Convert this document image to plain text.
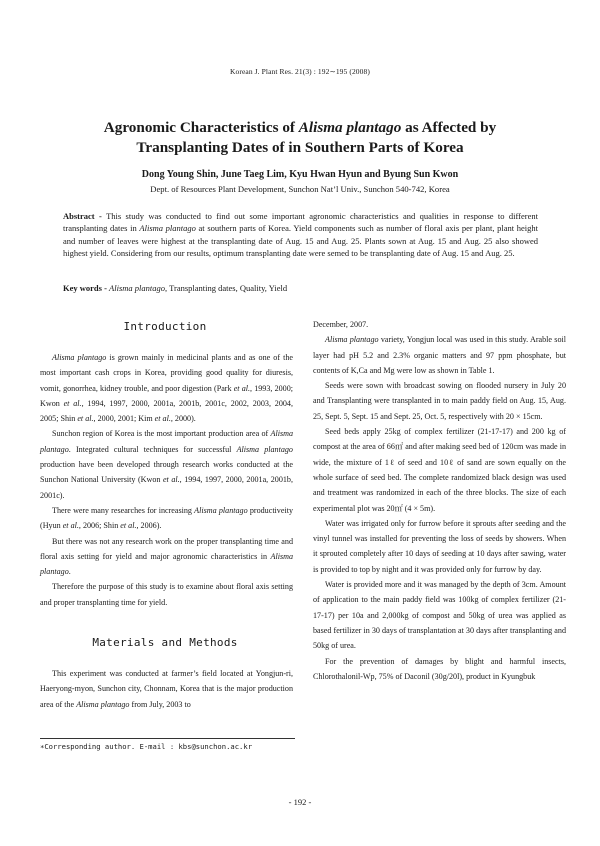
Korean J. Plant Res. 21(3) : 192∼195 (2008)
Agronomic Characteristics of Alisma plantago as Affected by
Transplanting Dates of in Southern Parts of Korea
Dong Young Shin, June Taeg Lim, Kyu Hwan Hyun and Byung Sun Kwon
Dept. of Resources Plant Development, Sunchon Nat’l Univ., Sunchon 540-742, Korea
Abstract - This study was conducted to find out some important agronomic characteristics and qualities in response to different transplanting dates in Alisma plantago at southern parts of Korea. Yield components such as number of floral axis per plant, plant height and number of leaves were highest at the transplanting date of Aug. 15 and Aug. 25. Plants sown at Aug. 15 and Aug. 25 also showed highest yield. Considering from our results, optimum transplanting date were semed to be transplanting date of Aug. 15 and Aug. 25.
Key words - Alisma plantago, Transplanting dates, Quality, Yield
Introduction

Alisma plantago is grown mainly in medicinal plants and as one of the most important cash crops in Korea, providing good quality for diuresis, vomit, gonorrhea, kidney trouble, and poor digestion (Park et al., 1993, 2000; Kwon et al., 1994, 1997, 2000, 2001a, 2001b, 2001c, 2002, 2003, 2004, 2005; Shin et al., 2000, 2001; Kim et al., 2000).

Sunchon region of Korea is the most important production area of Alisma plantago. Integrated cultural techniques for successful Alisma plantago production have been developed through research works conducted at the Sunchon National University (Kwon et al., 1994, 1997, 2000, 2001a, 2001b, 2001c).

There were many researches for increasing Alisma plantago productiveity (Hyun et al., 2006; Shin et al., 2006).

But there was not any research work on the proper transplanting time and floral axis setting for yield and major agronomic characteristics in Alisma plantago.

Therefore the purpose of this study is to examine about floral axis setting and proper transplanting time for yield.

Materials and Methods

This experiment was conducted at farmer’s field located at Yongjun-ri, Haeryong-myon, Sunchon city, Chonnam, Korea that is the major production area of the Alisma plantago from July, 2003 to

December, 2007.

Alisma plantago variety, Yongjun local was used in this study. Arable soil layer had pH 5.2 and 2.3% organic matters and 97 ppm phosphate, but contents of K,Ca and Mg were low as shown in Table 1.

Seeds were sown with broadcast sowing on flooded nursery in July 20 and Transplanting were transplanted in to main paddy field on Aug. 15, Aug. 25, Sept. 5, Sept. 15 and Sept. 25, Oct. 5, respectively with 20 × 15cm.

Seed beds apply 25kg of complex fertilizer (21-17-17) and 200 kg of compost at the area of 66㎡ and after making seed bed of 120cm was made in wide, the mixture of 1ℓ of seed and 10ℓ of sand are sown equally on the whole surface of seed bed. The complete randomized black design was used and treatment was randomized in each of the three blocks. The size of each experimental plot was 20㎡ (4 × 5m).

Water was irrigated only for furrow before it sprouts after seeding and the vinyl tunnel was installed for preventing the loss of seeds by showers. When it sprouted completely after 10 days of seeding at 10 days after sawing, water is provided to top by night and it was provided only for furrow by day.

Water is provided more and it was managed by the depth of 3cm. Amount of application to the main paddy field was 100kg of complex fertilizer (21-17-17) per 10a and 2,000kg of compost and 50kg of urea was applied as based fertilizer in 30 days of transplantation at 30 days after transplanting and 50kg of urea.

For the prevention of damages by blight and harmful insects, Chlorothalonil-Wp, 75% of Daconil (30g/20l), product in Kyungbuk

∗Corresponding author. E-mail : kbs@sunchon.ac.kr
- 192 -
